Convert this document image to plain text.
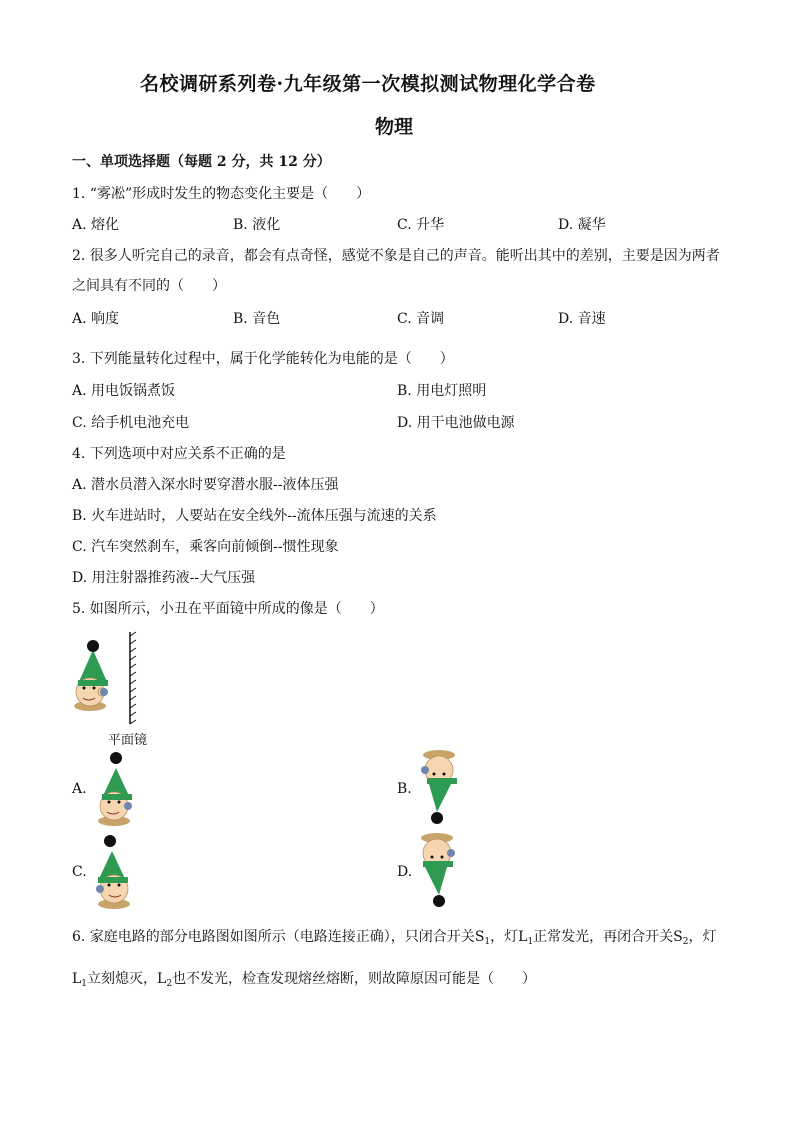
名校调研系列卷·九年级第一次模拟测试物理化学合卷
物理
一、单项选择题（每题 2 分，共 12 分）
1. “雾凇”形成时发生的物态变化主要是（　　）
A. 熔化	B. 液化	C. 升华	D. 凝华
2. 很多人听完自己的录音，都会有点奇怪，感觉不象是自己的声音。能听出其中的差别，主要是因为两者
之间具有不同的（　　）
A. 响度	B. 音色	C. 音调	D. 音速
3. 下列能量转化过程中，属于化学能转化为电能的是（　　）
A. 用电饭锅煮饭	B. 用电灯照明
C. 给手机电池充电	D. 用干电池做电源
4. 下列选项中对应关系不正确的是
A. 潜水员潜入深水时要穿潜水服--液体压强
B. 火车进站时，人要站在安全线外--流体压强与流速的关系
C. 汽车突然刹车，乘客向前倾倒--惯性现象
D. 用注射器推药液--大气压强
5. 如图所示，小丑在平面镜中所成的像是（　　）
平面镜
A.	B.
C.	D.
6. 家庭电路的部分电路图如图所示（电路连接正确），只闭合开关$S_1$，灯$L_1$正常发光，再闭合开关$S_2$，灯
$L_1$立刻熄灭，$L_2$也不发光，检查发现熔丝熔断，则故障原因可能是（　　）
